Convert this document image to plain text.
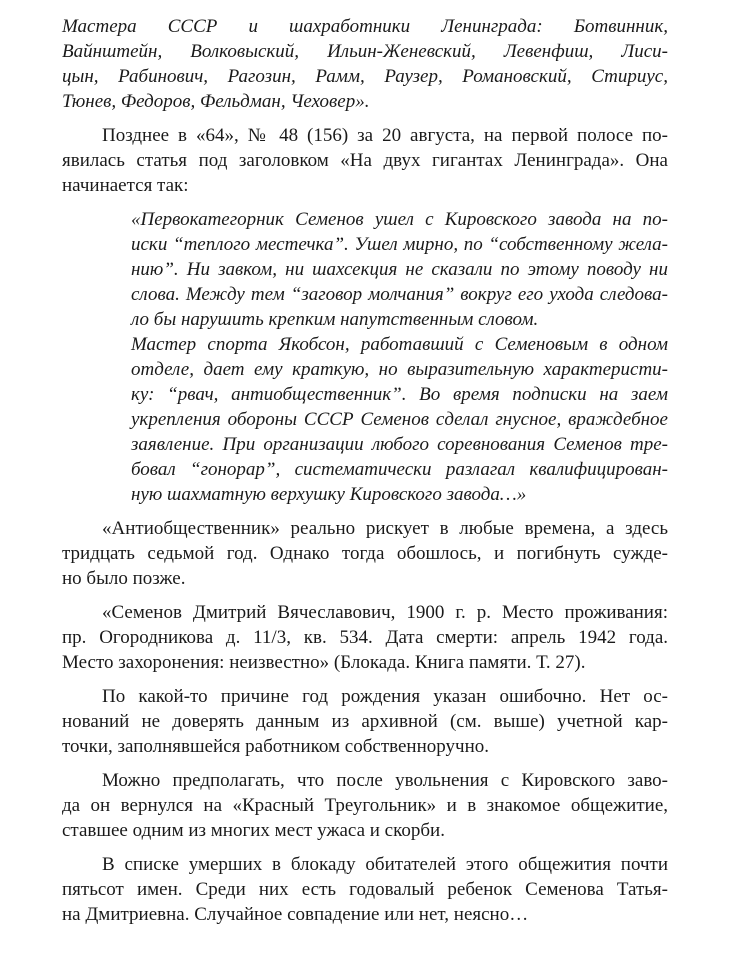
Мастера СССР и шахработники Ленинграда: Ботвинник,
Вайнштейн, Волковыский, Ильин-Женевский, Левенфиш, Лиси-
цын, Рабинович, Рагозин, Рамм, Раузер, Романовский, Стириус,
Тюнев, Федоров, Фельдман, Чеховер».

Позднее в «64», № 48 (156) за 20 августа, на первой полосе по-
явилась статья под заголовком «На двух гигантах Ленинграда». Она
начинается так:

«Первокатегорник Семенов ушел с Кировского завода на по-
иски “теплого местечка”. Ушел мирно, по “собственному жела-
нию”. Ни завком, ни шахсекция не сказали по этому поводу ни
слова. Между тем “заговор молчания” вокруг его ухода следова-
ло бы нарушить крепким напутственным словом.

Мастер спорта Якобсон, работавший с Семеновым в одном
отделе, дает ему краткую, но выразительную характеристи-
ку: “рвач, антиобщественник”. Во время подписки на заем
укрепления обороны СССР Семенов сделал гнусное, враждебное
заявление. При организации любого соревнования Семенов тре-
бовал “гонорар”, систематически разлагал квалифицирован-
ную шахматную верхушку Кировского завода…»

«Антиобщественник» реально рискует в любые времена, а здесь
тридцать седьмой год. Однако тогда обошлось, и погибнуть сужде-
но было позже.

«Семенов Дмитрий Вячеславович, 1900 г. р. Место проживания:
пр. Огородникова д. 11/3, кв. 534. Дата смерти: апрель 1942 года.
Место захоронения: неизвестно» (Блокада. Книга памяти. Т. 27).

По какой-то причине год рождения указан ошибочно. Нет ос-
нований не доверять данным из архивной (см. выше) учетной кар-
точки, заполнявшейся работником собственноручно.

Можно предполагать, что после увольнения с Кировского заво-
да он вернулся на «Красный Треугольник» и в знакомое общежитие,
ставшее одним из многих мест ужаса и скорби.

В списке умерших в блокаду обитателей этого общежития почти
пятьсот имен. Среди них есть годовалый ребенок Семенова Татья-
на Дмитриевна. Случайное совпадение или нет, неясно…
